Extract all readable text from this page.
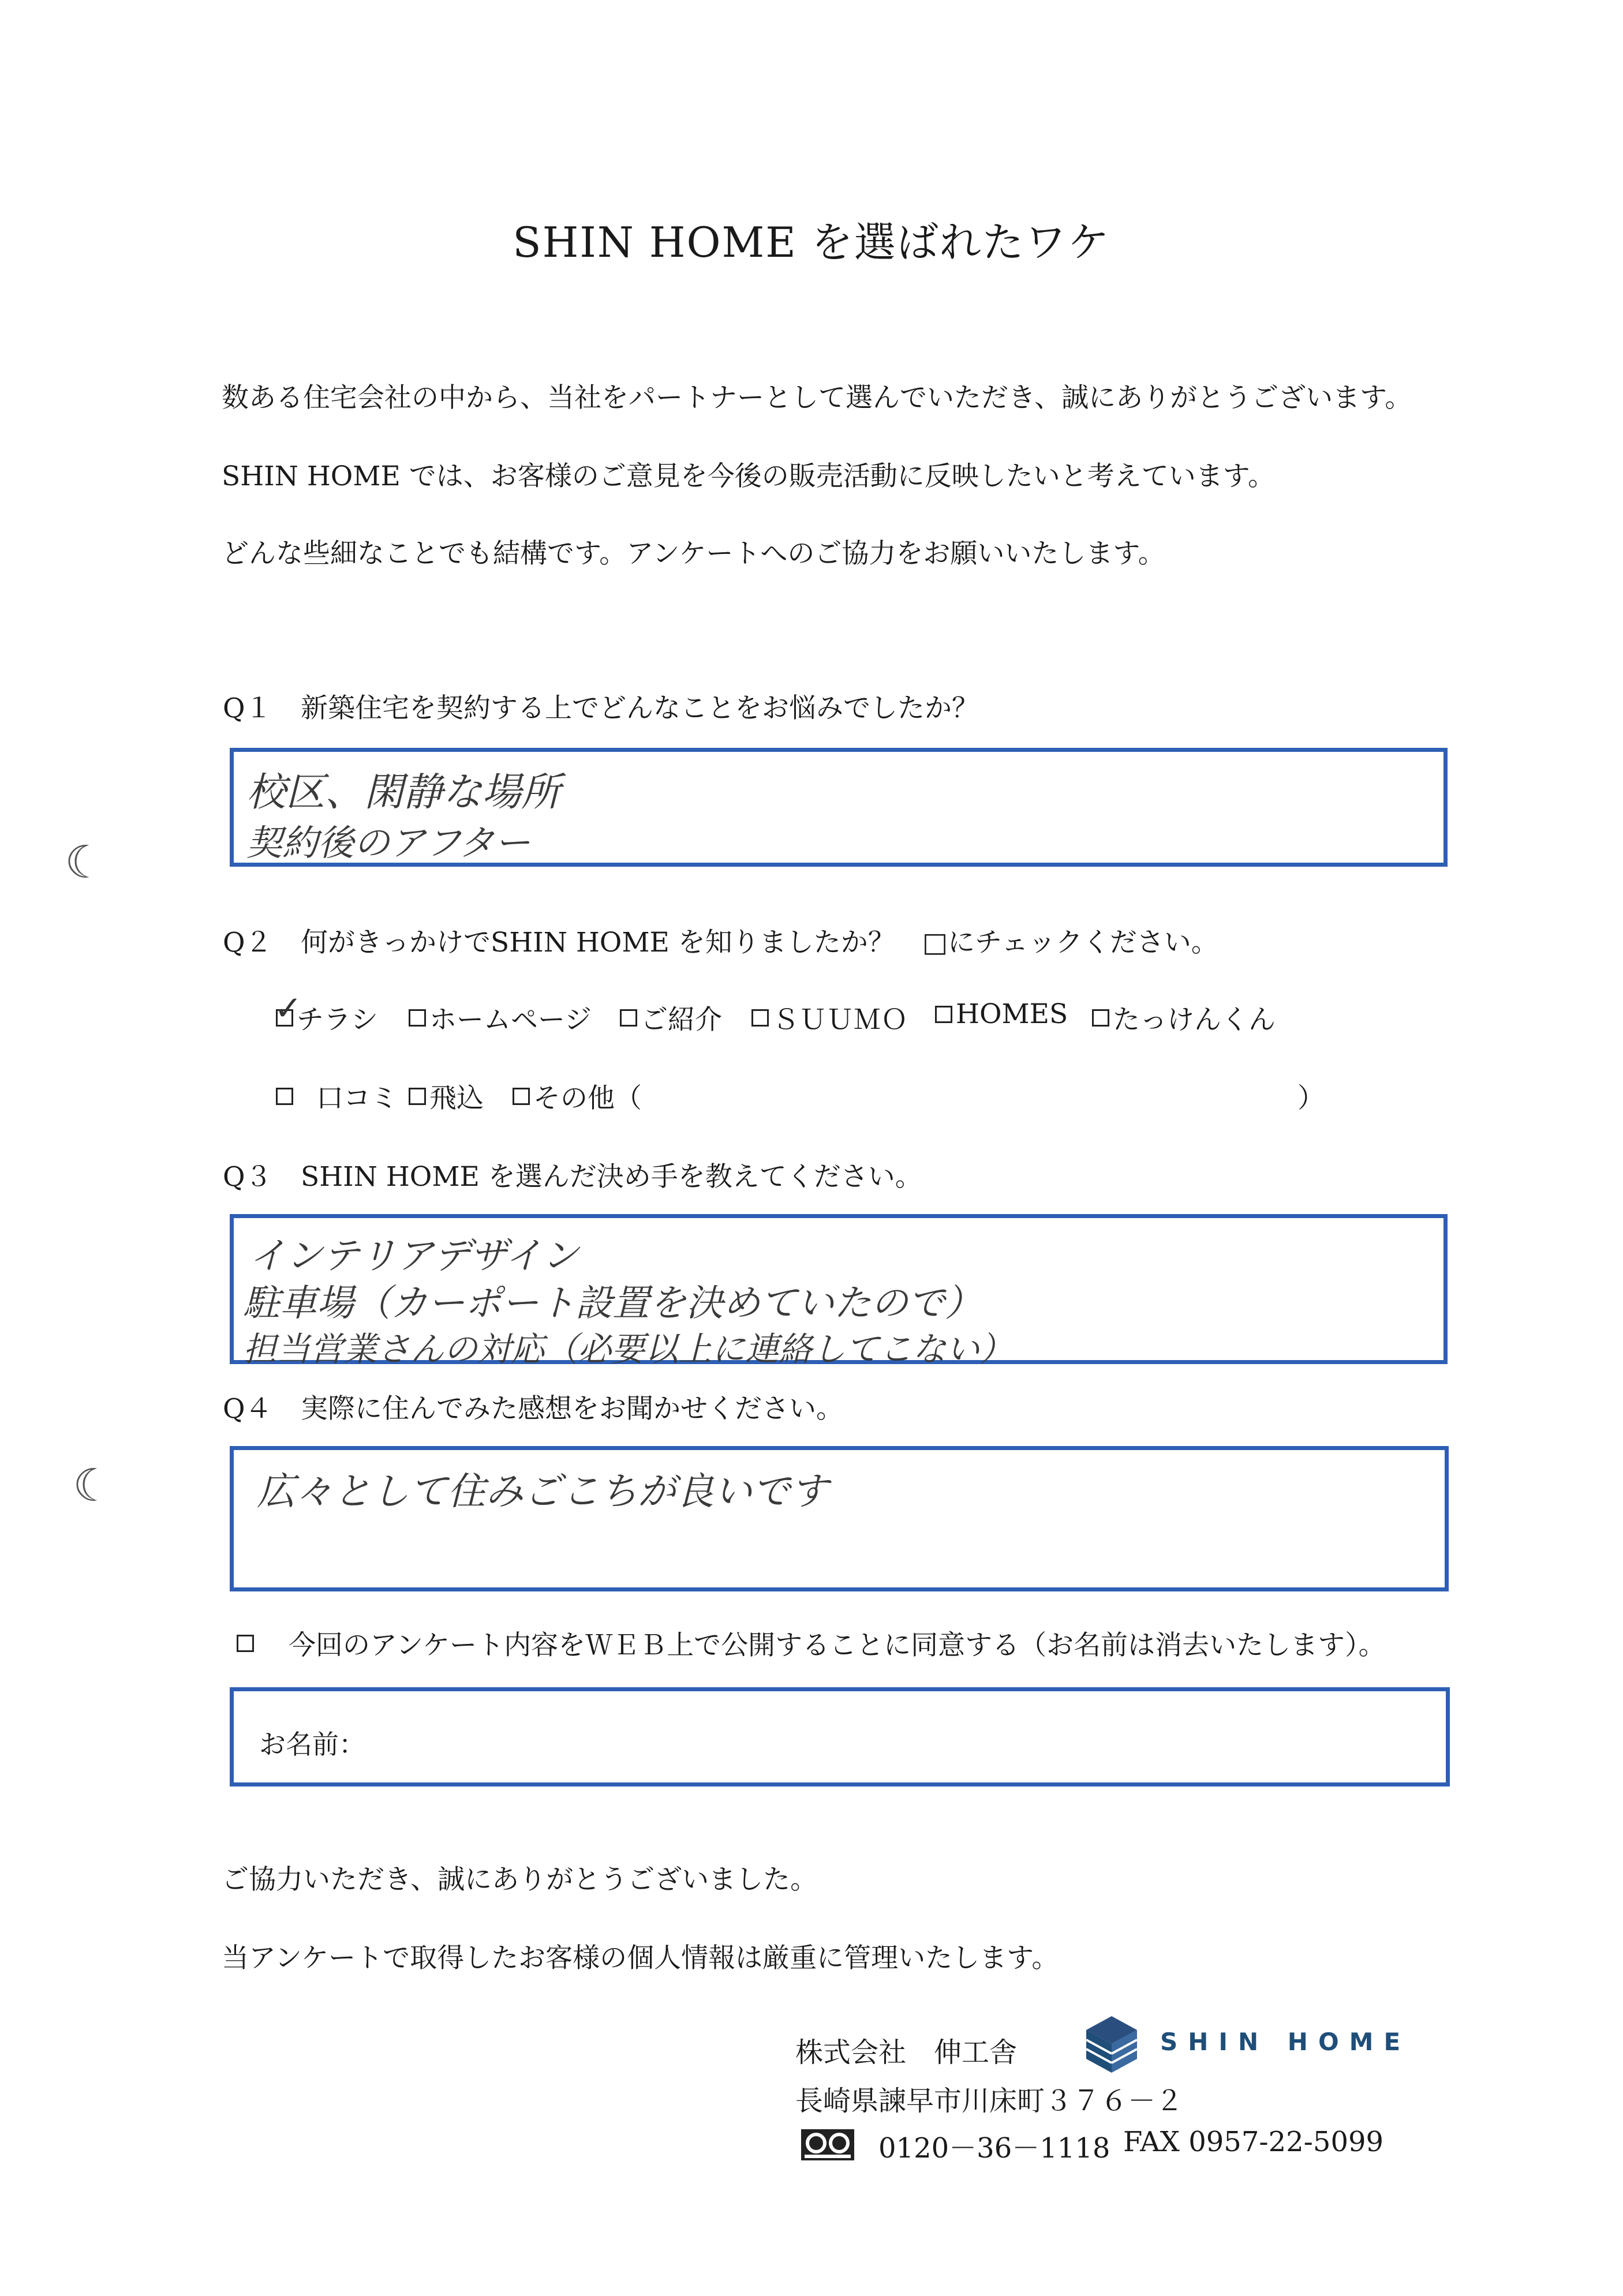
SHIN HOME を選ばれたワケ
数ある住宅会社の中から、当社をパートナーとして選んでいただき、誠にありがとうございます。
SHIN HOME では、お客様のご意見を今後の販売活動に反映したいと考えています。
どんな些細なことでも結構です。アンケートへのご協力をお願いいたします。
Q１ 新築住宅を契約する上でどんなことをお悩みでしたか？
校区、閑静な場所
契約後のアフター
☾
Q２ 何がきっかけでSHIN HOME を知りましたか？　□にチェックください。
✓
チラシ ホームページ ご紹介 ＳＵＵＭＯ HOMES たっけんくん
口コミ 飛込 その他（	）
Q３ SHIN HOME を選んだ決め手を教えてください。
インテリアデザイン
駐車場（カーポート設置を決めていたので）
担当営業さんの対応（必要以上に連絡してこない）
Q４ 実際に住んでみた感想をお聞かせください。
広々として住みごこちが良いです
☾
今回のアンケート内容をＷＥＢ上で公開することに同意する（お名前は消去いたします）。
お名前：
ご協力いただき、誠にありがとうございました。
当アンケートで取得したお客様の個人情報は厳重に管理いたします。
株式会社　伸工舎	SHIN HOME
長崎県諫早市川床町３７６－２
0120－36－1118 FAX 0957-22-5099
